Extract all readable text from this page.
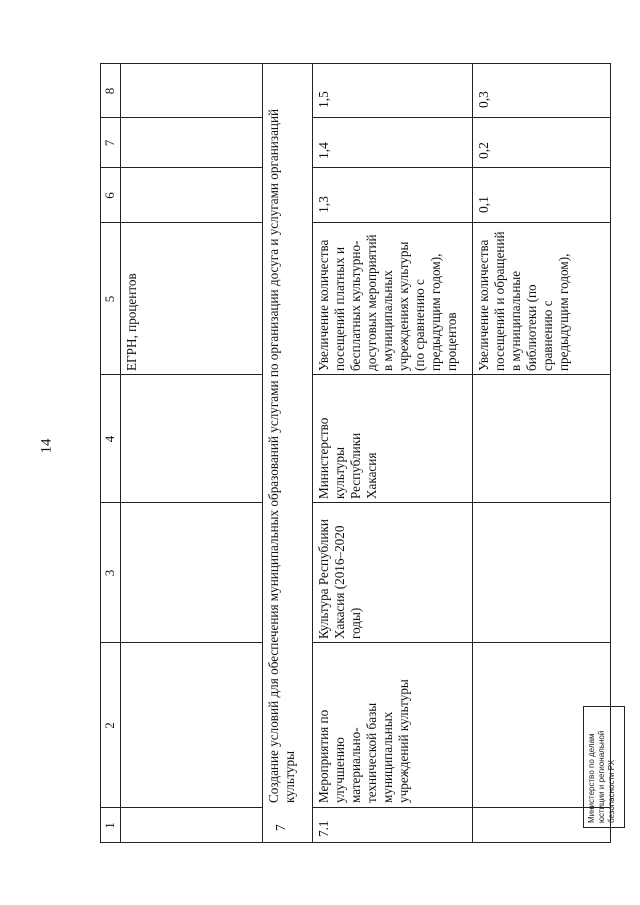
14
1
2
3
4
5
6
7
8
ЕГРН, процентов
7
Создание условий для обеспечения муниципальных образований услугами по организации досуга и услугами организаций культуры
7.1
Мероприятия по улучшению материально- технической базы муниципальных учреждений культуры
Культура Республики Хакасия (2016–2020 годы)
Министерство культуры Республики Хакасия
Увеличение количества посещений платных и бесплатных культурно- досуговых мероприятий в муниципальных учреждениях культуры (по сравнению с предыдущим годом), процентов
1,3
1,4
1,5
Увеличение количества посещений и обращений в муниципальные библиотеки (по сравнению с предыдущим годом),
0,1
0,2
0,3
Министерство по делам юстиции и региональной безопасности РХ
